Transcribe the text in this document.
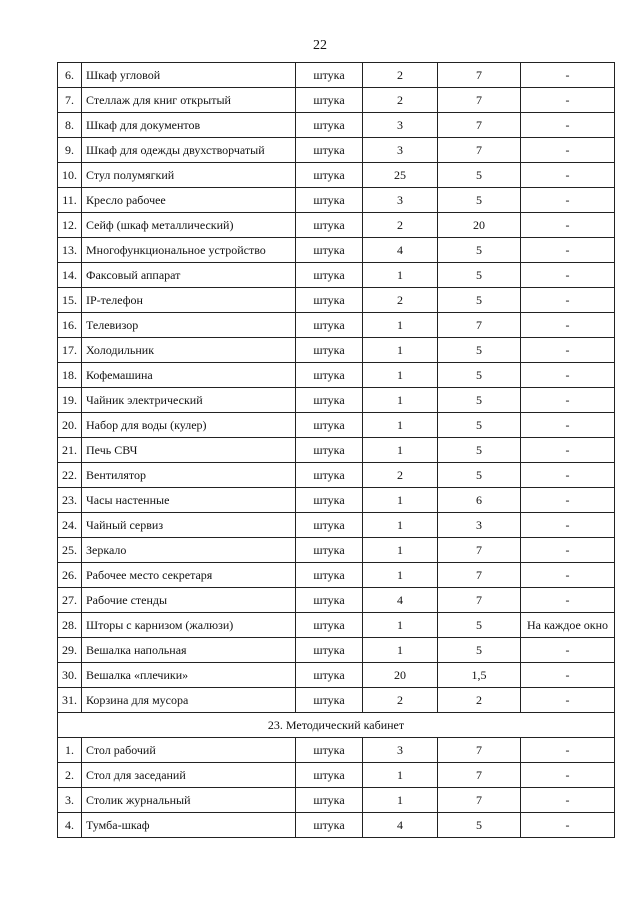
22
6.	Шкаф угловой	штука	2	7	-
7.	Стеллаж для книг открытый	штука	2	7	-
8.	Шкаф для документов	штука	3	7	-
9.	Шкаф для одежды двухстворчатый	штука	3	7	-
10.	Стул полумягкий	штука	25	5	-
11.	Кресло рабочее	штука	3	5	-
12.	Сейф (шкаф металлический)	штука	2	20	-
13.	Многофункциональное устройство	штука	4	5	-
14.	Факсовый аппарат	штука	1	5	-
15.	IP-телефон	штука	2	5	-
16.	Телевизор	штука	1	7	-
17.	Холодильник	штука	1	5	-
18.	Кофемашина	штука	1	5	-
19.	Чайник электрический	штука	1	5	-
20.	Набор для воды (кулер)	штука	1	5	-
21.	Печь СВЧ	штука	1	5	-
22.	Вентилятор	штука	2	5	-
23.	Часы настенные	штука	1	6	-
24.	Чайный сервиз	штука	1	3	-
25.	Зеркало	штука	1	7	-
26.	Рабочее место секретаря	штука	1	7	-
27.	Рабочие стенды	штука	4	7	-
28.	Шторы с карнизом (жалюзи)	штука	1	5	На каждое окно
29.	Вешалка напольная	штука	1	5	-
30.	Вешалка «плечики»	штука	20	1,5	-
31.	Корзина для мусора	штука	2	2	-
23. Методический кабинет					
1.	Стол рабочий	штука	3	7	-
2.	Стол для заседаний	штука	1	7	-
3.	Столик журнальный	штука	1	7	-
4.	Тумба-шкаф	штука	4	5	-
